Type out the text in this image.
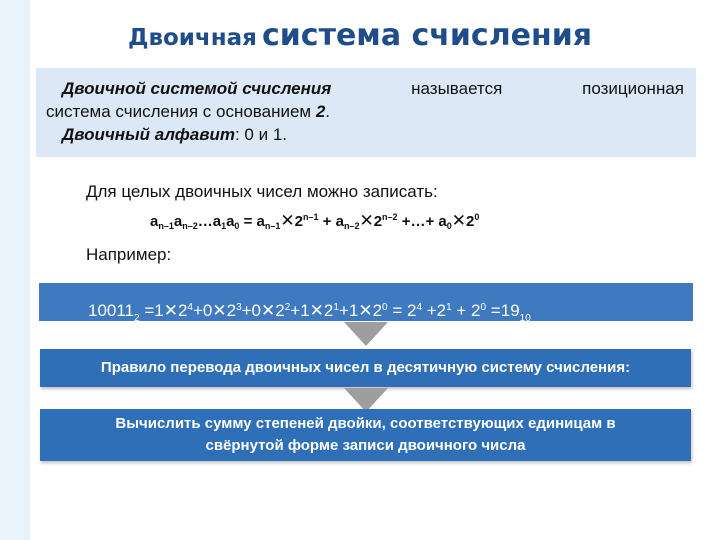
Двоичная система счисления
Двоичной системой счисления	называется	позиционная
система счисления с основанием 2.
Двоичный алфавит: 0 и 1.
Для целых двоичных чисел можно записать:
$a_{n-1}a_{n-2}\dots a_1a_0$ = $a_{n-1}✕2^{n-1}$ + $a_{n-2}✕2^{n-2}$ +…+ $a_0✕2^0$
Например:
$10011_2$ $=1✕2^4+0✕2^3+0✕2^2+1✕2^1+1✕2^0 = 2^4 +2^1 + 2^0 =19_{10}$
Правило перевода двоичных чисел в десятичную систему счисления:
Вычислить сумму степеней двойки, соответствующих единицам в
свёрнутой форме записи двоичного числа
